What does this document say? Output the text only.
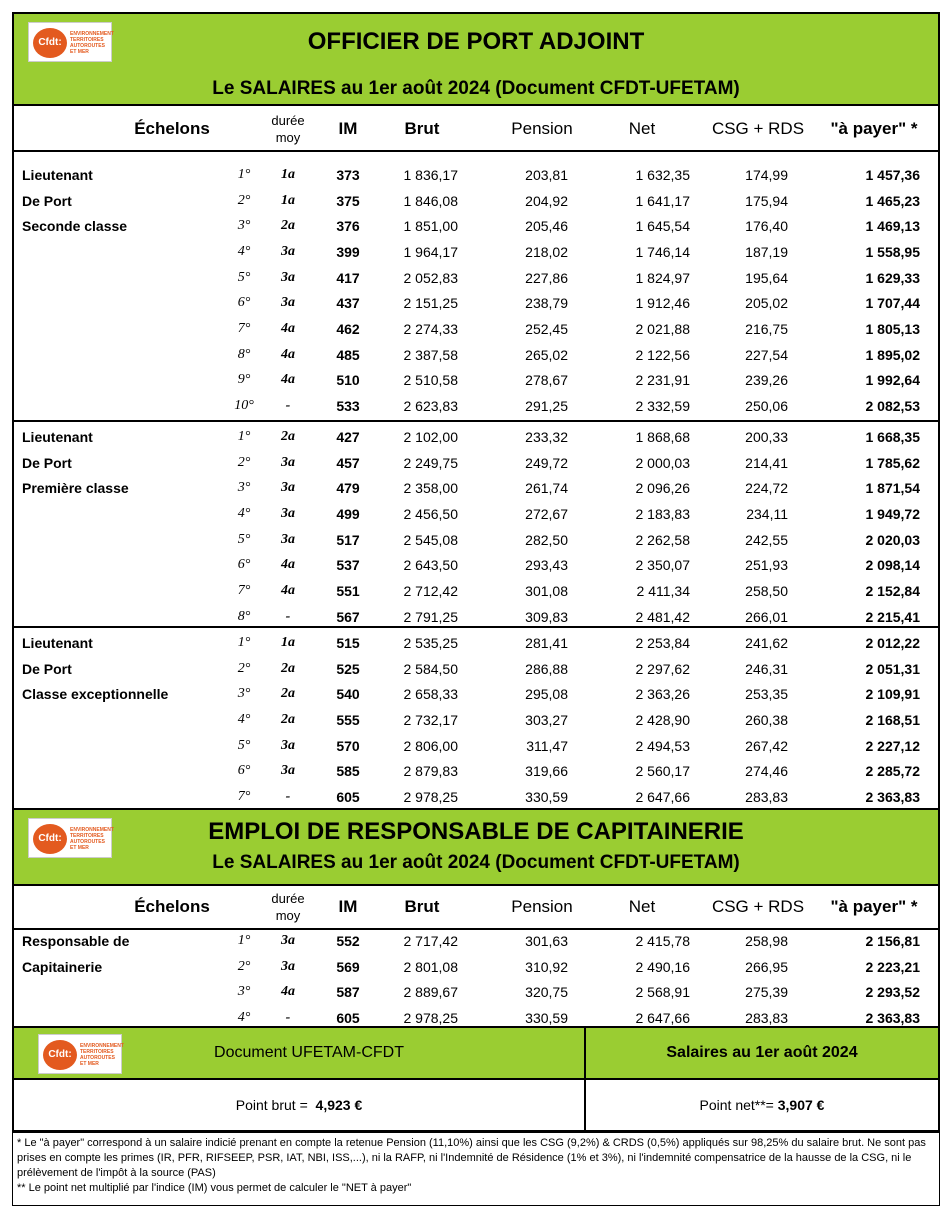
Cfdt:
ENVIRONNEMENT TERRITOIRES AUTOROUTES ET MER	OFFICIER DE PORT ADJOINT
Le SALAIRES au 1er août 2024 (Document CFDT-UFETAM)
Échelons	durée
moy	IM	Brut	Pension	Net	CSG + RDS	"à payer" *
Lieutenant	1°	1a	373	1 836,17	203,81	1 632,35	174,99	1 457,36
De Port	2°	1a	375	1 846,08	204,92	1 641,17	175,94	1 465,23
Seconde classe	3°	2a	376	1 851,00	205,46	1 645,54	176,40	1 469,13
4°	3a	399	1 964,17	218,02	1 746,14	187,19	1 558,95
5°	3a	417	2 052,83	227,86	1 824,97	195,64	1 629,33
6°	3a	437	2 151,25	238,79	1 912,46	205,02	1 707,44
7°	4a	462	2 274,33	252,45	2 021,88	216,75	1 805,13
8°	4a	485	2 387,58	265,02	2 122,56	227,54	1 895,02
9°	4a	510	2 510,58	278,67	2 231,91	239,26	1 992,64
10°	-	533	2 623,83	291,25	2 332,59	250,06	2 082,53
Lieutenant	1°	2a	427	2 102,00	233,32	1 868,68	200,33	1 668,35
De Port	2°	3a	457	2 249,75	249,72	2 000,03	214,41	1 785,62
Première classe	3°	3a	479	2 358,00	261,74	2 096,26	224,72	1 871,54
4°	3a	499	2 456,50	272,67	2 183,83	234,11	1 949,72
5°	3a	517	2 545,08	282,50	2 262,58	242,55	2 020,03
6°	4a	537	2 643,50	293,43	2 350,07	251,93	2 098,14
7°	4a	551	2 712,42	301,08	2 411,34	258,50	2 152,84
8°	-	567	2 791,25	309,83	2 481,42	266,01	2 215,41
Lieutenant	1°	1a	515	2 535,25	281,41	2 253,84	241,62	2 012,22
De Port	2°	2a	525	2 584,50	286,88	2 297,62	246,31	2 051,31
Classe exceptionnelle	3°	2a	540	2 658,33	295,08	2 363,26	253,35	2 109,91
4°	2a	555	2 732,17	303,27	2 428,90	260,38	2 168,51
5°	3a	570	2 806,00	311,47	2 494,53	267,42	2 227,12
6°	3a	585	2 879,83	319,66	2 560,17	274,46	2 285,72
7°	-	605	2 978,25	330,59	2 647,66	283,83	2 363,83
Cfdt:
ENVIRONNEMENT TERRITOIRES AUTOROUTES ET MER
EMPLOI DE RESPONSABLE DE CAPITAINERIE
Le SALAIRES au 1er août 2024 (Document CFDT-UFETAM)
Échelons	durée
moy	IM	Brut	Pension	Net	CSG + RDS	"à payer" *
Responsable de	1°	3a	552	2 717,42	301,63	2 415,78	258,98	2 156,81
Capitainerie	2°	3a	569	2 801,08	310,92	2 490,16	266,95	2 223,21
3°	4a	587	2 889,67	320,75	2 568,91	275,39	2 293,52
4°	-	605	2 978,25	330,59	2 647,66	283,83	2 363,83
Cfdt:
ENVIRONNEMENT TERRITOIRES AUTOROUTES ET MER
Document UFETAM-CFDT	Salaires au 1er août 2024
Point brut =
4,923 €	Point net**=
3,907 €
* Le "à payer" correspond à un salaire indicié prenant en compte la retenue Pension (11,10%) ainsi que les CSG (9,2%) & CRDS (0,5%) appliqués sur 98,25% du salaire brut. Ne sont pas prises en compte les primes (IR, PFR, RIFSEEP, PSR, IAT, NBI, ISS,...), ni la RAFP, ni l'Indemnité de Résidence (1% et 3%), ni l'indemnité compensatrice de la hausse de la CSG, ni le prélèvement de l'impôt à la source (PAS)
** Le point net multiplié par l'indice (IM) vous permet de calculer le "NET à payer"
